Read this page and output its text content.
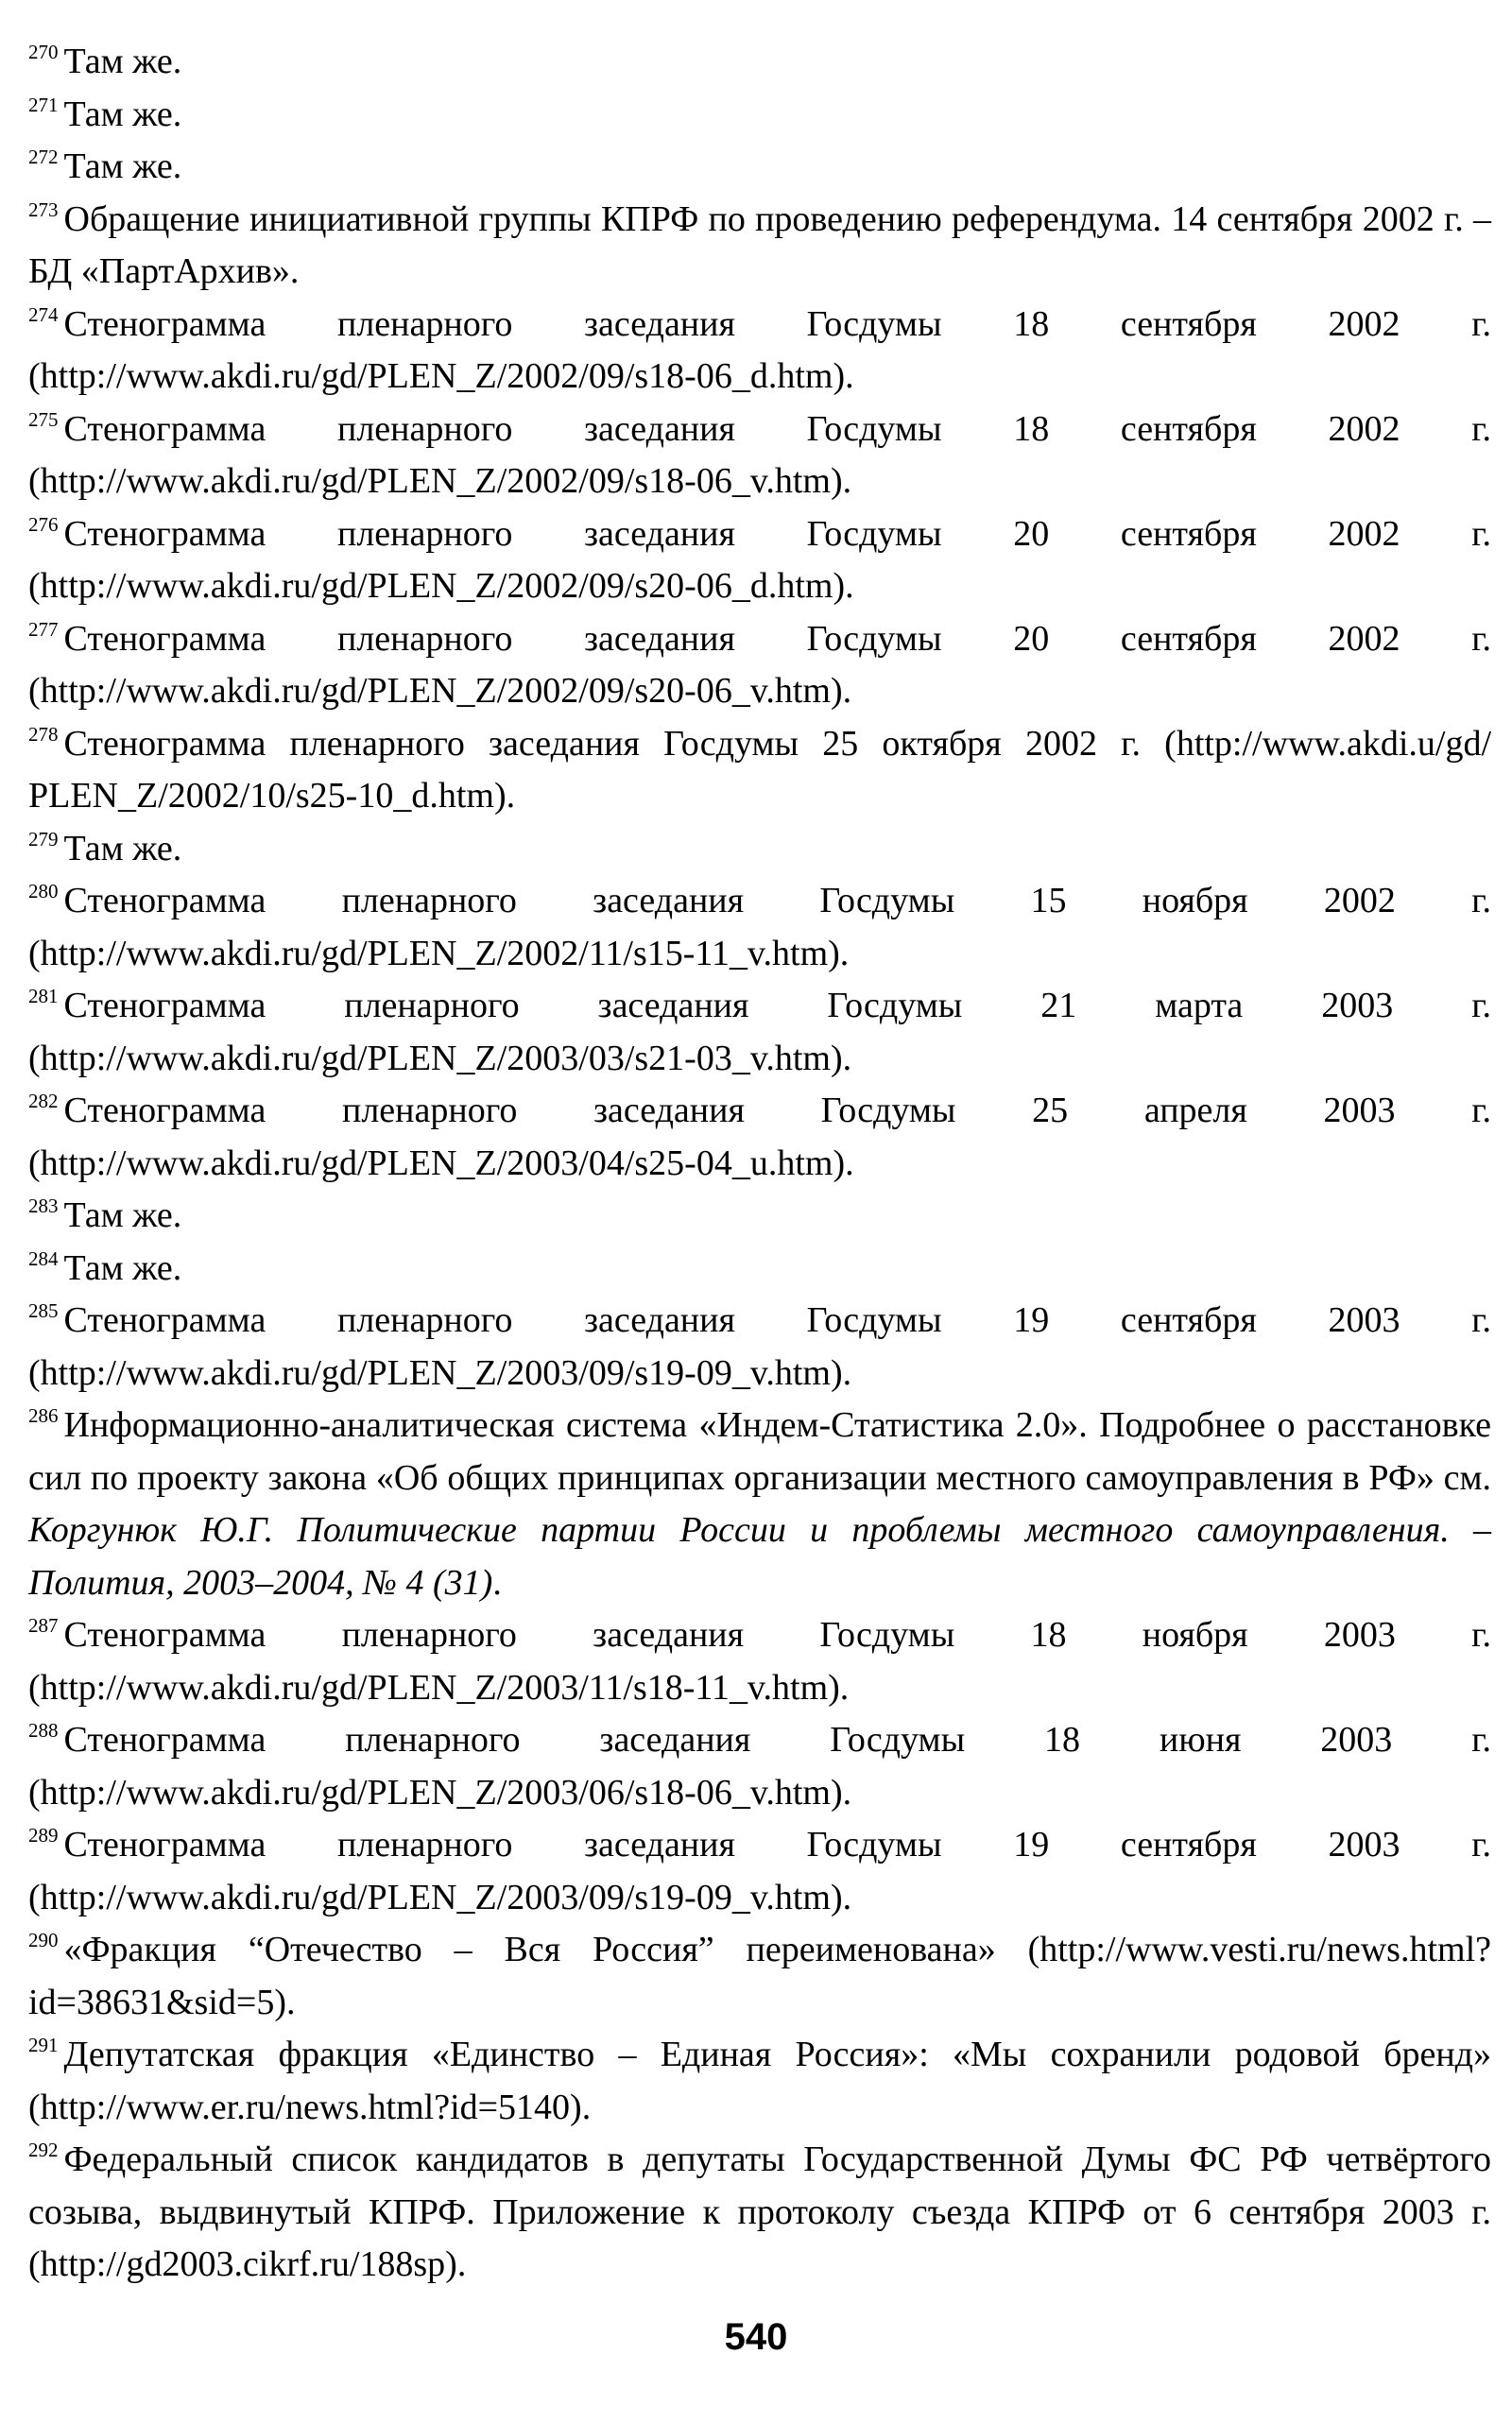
$^{270}$ Там же.

$^{271}$ Там же.

$^{272}$ Там же.

$^{273}$ Обращение инициативной группы КПРФ по проведению референдума. 14 сентября 2002 г. – БД «ПартАрхив».

$^{274}$ Стенограмма пленарного заседания Госдумы 18 сентября 2002 г. (http://www.akdi.ru/gd/PLEN_Z/2002/09/s18-06_d.htm).

$^{275}$ Стенограмма пленарного заседания Госдумы 18 сентября 2002 г. (http://www.akdi.ru/gd/PLEN_Z/2002/09/s18-06_v.htm).

$^{276}$ Стенограмма пленарного заседания Госдумы 20 сентября 2002 г. (http://www.akdi.ru/gd/PLEN_Z/2002/09/s20-06_d.htm).

$^{277}$ Стенограмма пленарного заседания Госдумы 20 сентября 2002 г. (http://www.akdi.ru/gd/PLEN_Z/2002/09/s20-06_v.htm).

$^{278}$ Стенограмма пленарного заседания Госдумы 25 октября 2002 г. (http://www.akdi.u/gd/ PLEN_Z/2002/10/s25-10_d.htm).

$^{279}$ Там же.

$^{280}$ Стенограмма пленарного заседания Госдумы 15 ноября 2002 г. (http://www.akdi.ru/gd/PLEN_Z/2002/11/s15-11_v.htm).

$^{281}$ Стенограмма пленарного заседания Госдумы 21 марта 2003 г. (http://www.akdi.ru/gd/PLEN_Z/2003/03/s21-03_v.htm).

$^{282}$ Стенограмма пленарного заседания Госдумы 25 апреля 2003 г. (http://www.akdi.ru/gd/PLEN_Z/2003/04/s25-04_u.htm).

$^{283}$ Там же.

$^{284}$ Там же.

$^{285}$ Стенограмма пленарного заседания Госдумы 19 сентября 2003 г. (http://www.akdi.ru/gd/PLEN_Z/2003/09/s19-09_v.htm).

$^{286}$ Информационно-аналитическая система «Индем-Статистика 2.0». Подробнее о расстановке сил по проекту закона «Об общих принципах организации местного самоуправления в РФ» см. Коргунюк Ю.Г. Политические партии России и проблемы местного самоуправления. – Полития, 2003–2004, № 4 (31).

$^{287}$ Стенограмма пленарного заседания Госдумы 18 ноября 2003 г. (http://www.akdi.ru/gd/PLEN_Z/2003/11/s18-11_v.htm).

$^{288}$ Стенограмма пленарного заседания Госдумы 18 июня 2003 г. (http://www.akdi.ru/gd/PLEN_Z/2003/06/s18-06_v.htm).

$^{289}$ Стенограмма пленарного заседания Госдумы 19 сентября 2003 г. (http://www.akdi.ru/gd/PLEN_Z/2003/09/s19-09_v.htm).

$^{290}$ «Фракция “Отечество – Вся Россия” переименована» (http://www.vesti.ru/news.html?id=38631&sid=5).

$^{291}$ Депутатская фракция «Единство – Единая Россия»: «Мы сохранили родовой бренд» (http://www.er.ru/news.html?id=5140).

$^{292}$ Федеральный список кандидатов в депутаты Государственной Думы ФС РФ четвёртого созыва, выдвинутый КПРФ. Приложение к протоколу съезда КПРФ от 6 сентября 2003 г. (http://gd2003.cikrf.ru/188sp).

540
